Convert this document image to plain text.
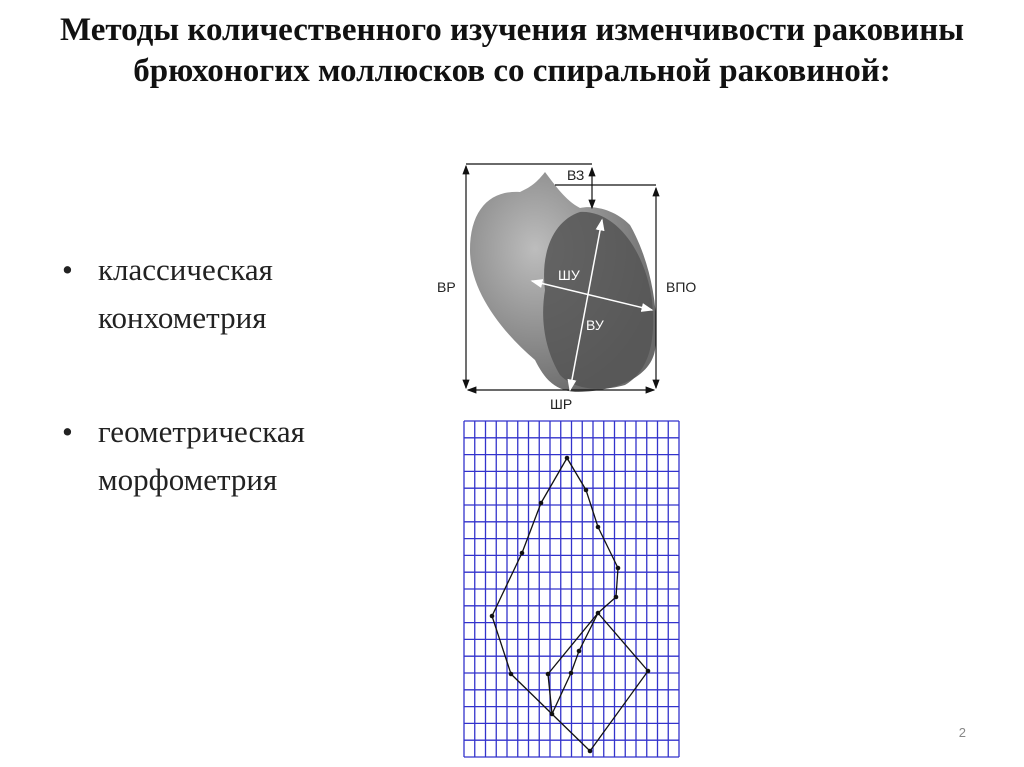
Методы количественного изучения изменчивости раковины брюхоногих моллюсков со спиральной раковиной:
• классическая
конхометрия
• геометрическая
морфометрия
ВЗ
ВР	ВПО
ШУ
ВУ
ШР
2
